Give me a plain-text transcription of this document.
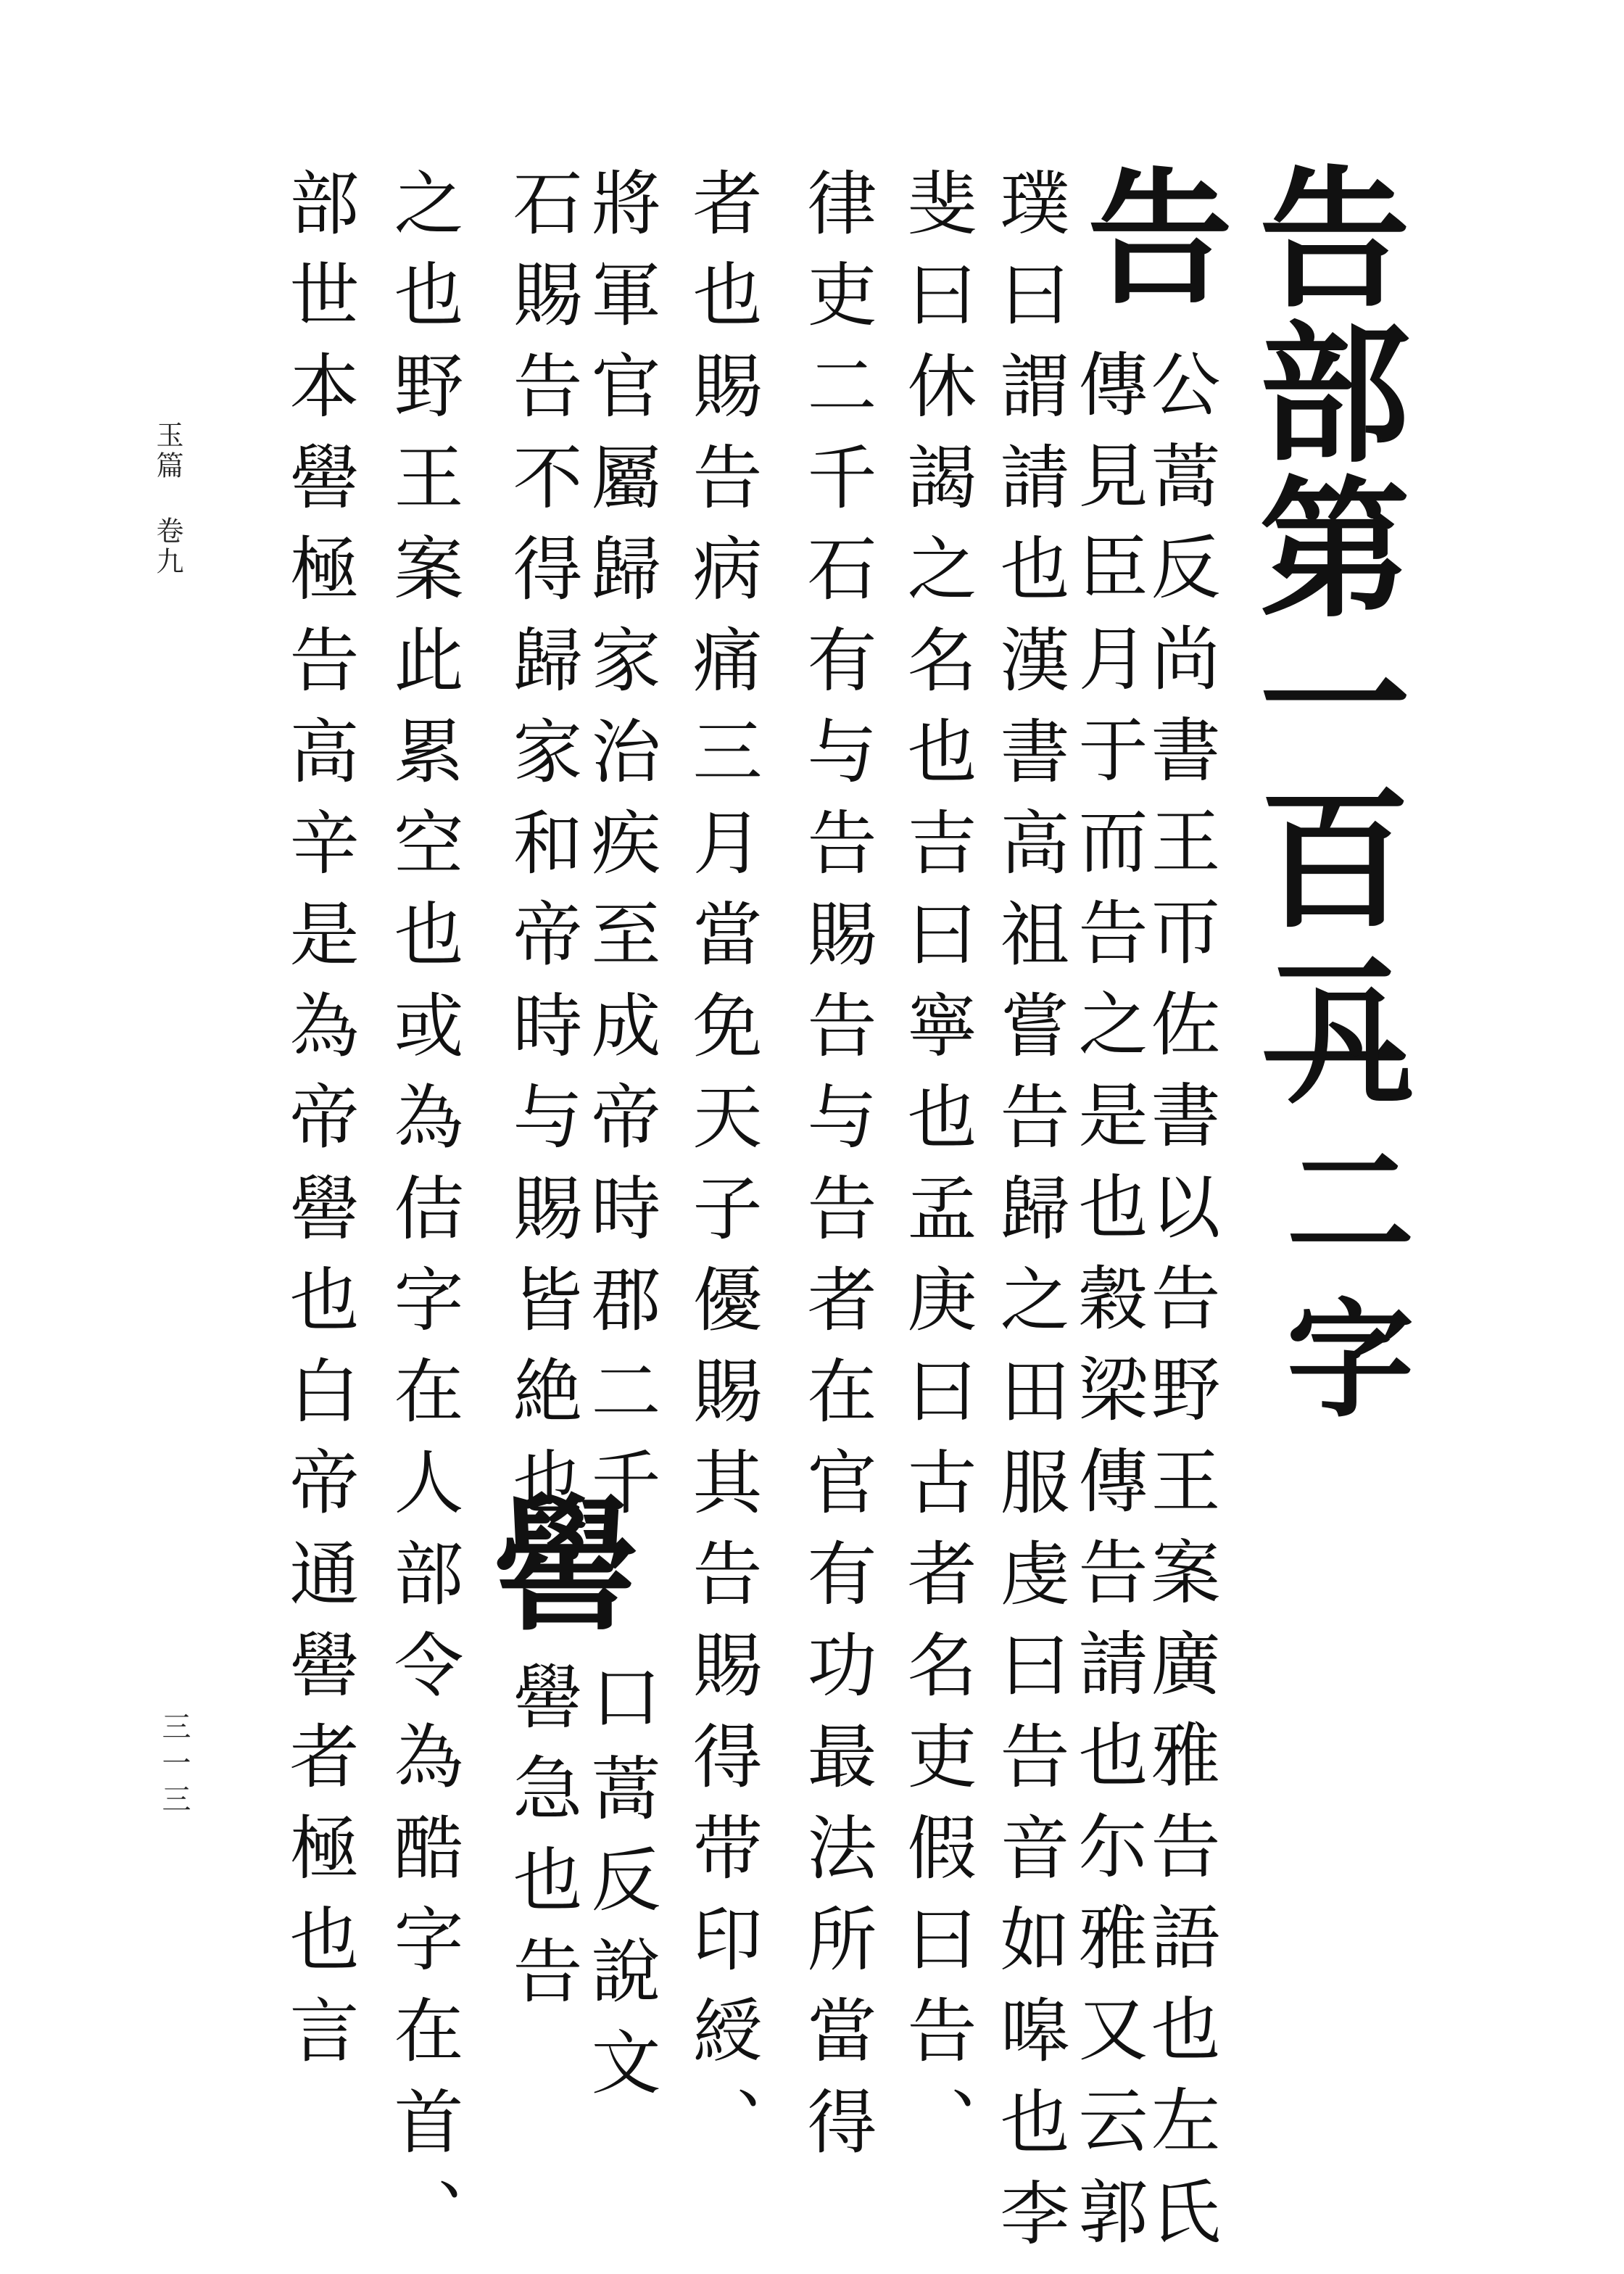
告部第一百二
凡二字
告
公蒿反尚書王帀佐書以告野王案廣雅告語也左氏
傳見臣月于而告之是也穀梁傳告請也尓雅又云郭
璞曰謂請也漢書高祖嘗告歸之田服虔曰告音如嗥也李
斐曰休謁之名也吉曰寧也孟庚曰古者名吏假曰告、
律吏二千石有与告賜告与告者在官有功最法所當得
者也賜告病痛三月當免天子優賜其告賜得带印綬、
將軍官屬歸家治疾至成帝時郡二千
石賜告不得歸家和帝時与賜皆絶也
嚳
口蒿反說文
嚳急也告
之也野王案此累空也或為佶字在人部令為酷字在首、
部世本嚳極告高辛是為帝嚳也白帝通嚳者極也言
玉篇 卷九
三一三
